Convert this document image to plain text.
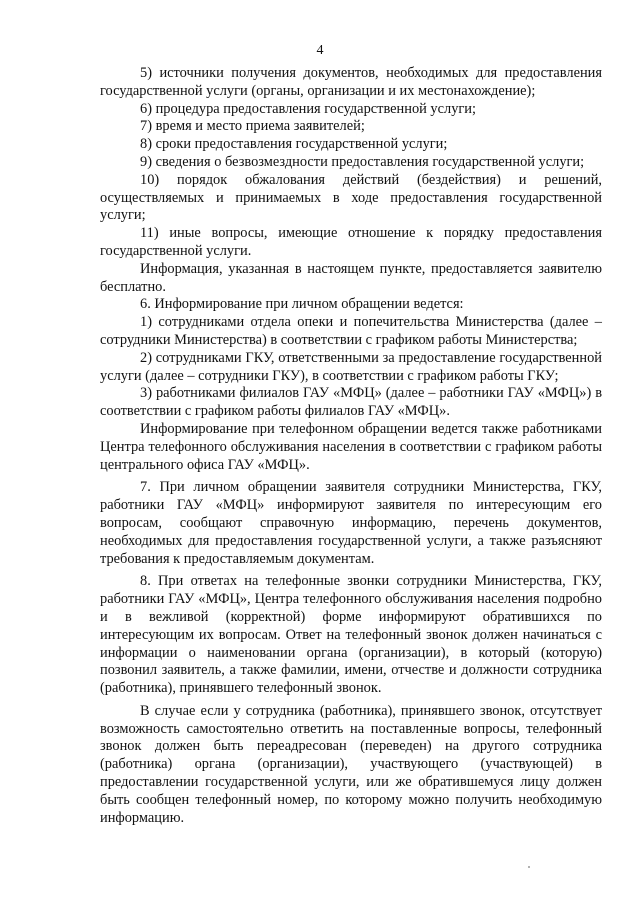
4

5) источники получения документов, необходимых для предоставления государственной услуги (органы, организации и их местонахождение);

6) процедура предоставления государственной услуги;

7) время и место приема заявителей;

8) сроки предоставления государственной услуги;

9) сведения о безвозмездности предоставления государственной услуги;

10) порядок обжалования действий (бездействия) и решений, осуществляемых и принимаемых в ходе предоставления государственной услуги;

11) иные вопросы, имеющие отношение к порядку предоставления государственной услуги.

Информация, указанная в настоящем пункте, предоставляется заявителю бесплатно.

6. Информирование при личном обращении ведется:

1) сотрудниками отдела опеки и попечительства Министерства (далее – сотрудники Министерства) в соответствии с графиком работы Министерства;

2) сотрудниками ГКУ, ответственными за предоставление государственной услуги (далее – сотрудники ГКУ), в соответствии с графиком работы ГКУ;

3) работниками филиалов ГАУ «МФЦ» (далее – работники ГАУ «МФЦ») в соответствии с графиком работы филиалов ГАУ «МФЦ».

Информирование при телефонном обращении ведется также работниками Центра телефонного обслуживания населения в соответствии с графиком работы центрального офиса ГАУ «МФЦ».

7. При личном обращении заявителя сотрудники Министерства, ГКУ, работники ГАУ «МФЦ» информируют заявителя по интересующим его вопросам, сообщают справочную информацию, перечень документов, необходимых для предоставления государственной услуги, а также разъясняют требования к предоставляемым документам.

8. При ответах на телефонные звонки сотрудники Министерства, ГКУ, работники ГАУ «МФЦ», Центра телефонного обслуживания населения подробно и в вежливой (корректной) форме информируют обратившихся по интересующим их вопросам. Ответ на телефонный звонок должен начинаться с информации о наименовании органа (организации), в который (которую) позвонил заявитель, а также фамилии, имени, отчестве и должности сотрудника (работника), принявшего телефонный звонок.

В случае если у сотрудника (работника), принявшего звонок, отсутствует возможность самостоятельно ответить на поставленные вопросы, телефонный звонок должен быть переадресован (переведен) на другого сотрудника (работника) органа (организации), участвующего (участвующей) в предоставлении государственной услуги, или же обратившемуся лицу должен быть сообщен телефонный номер, по которому можно получить необходимую информацию.
